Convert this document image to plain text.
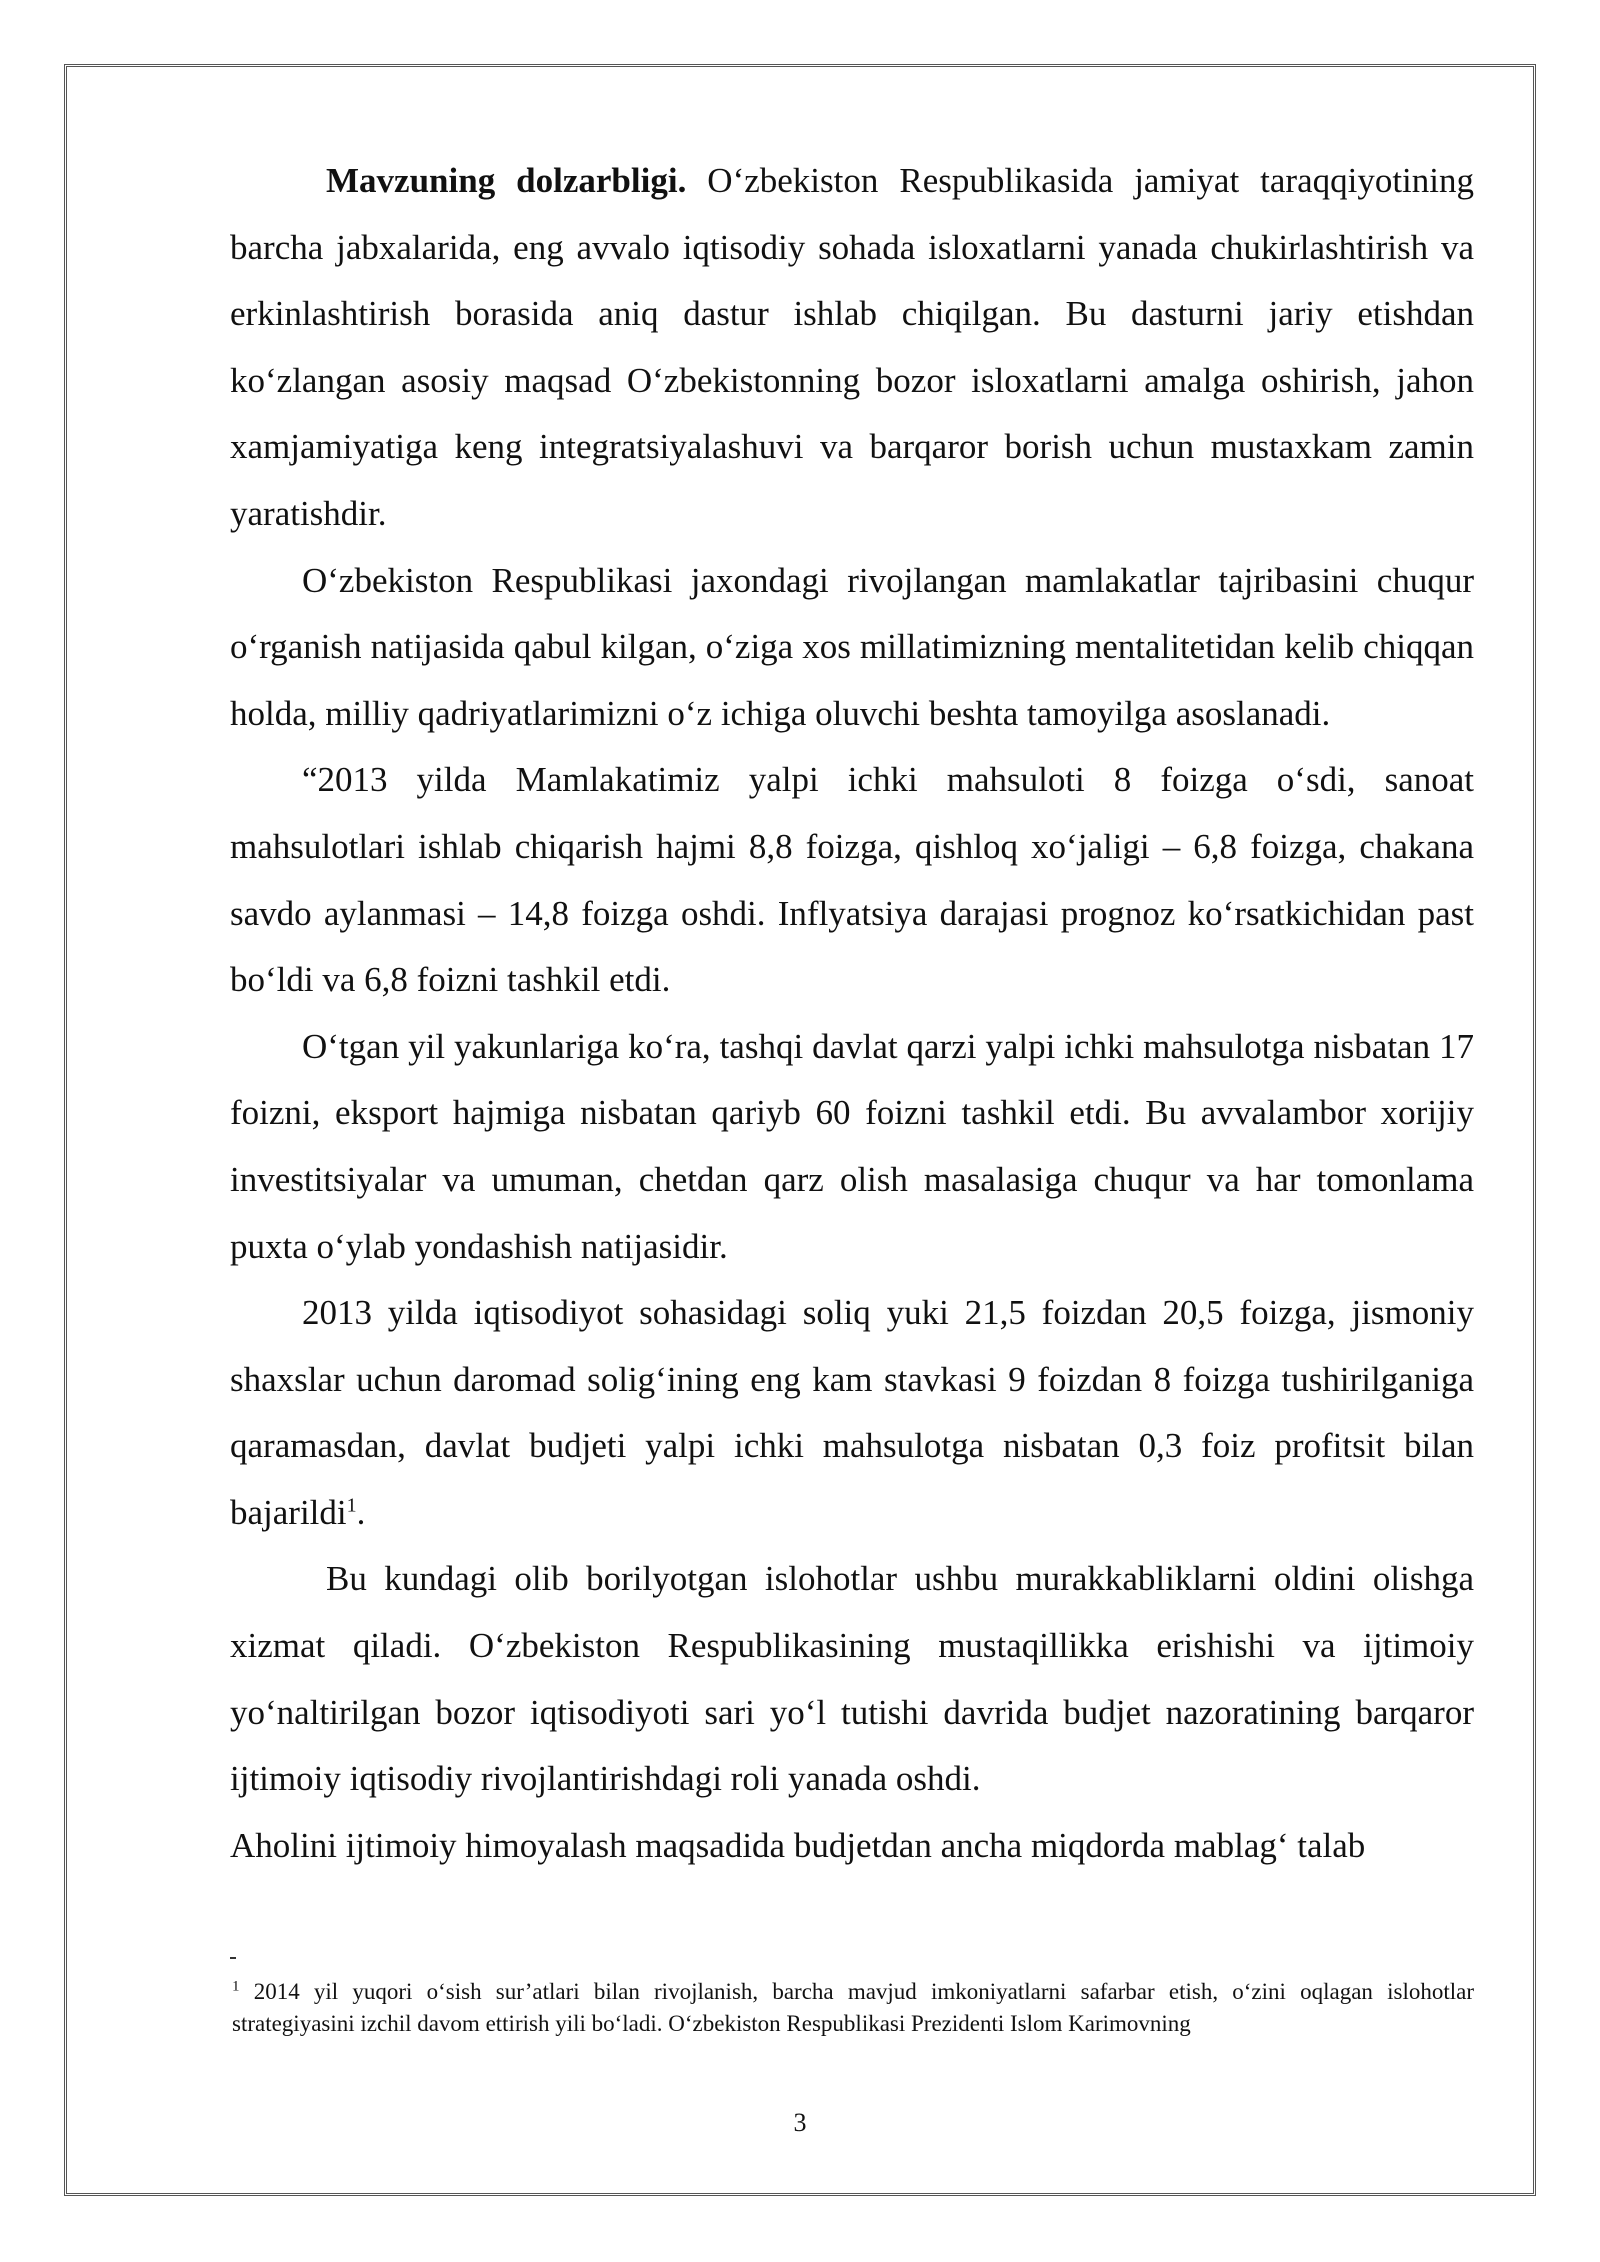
Mavzuning dolzarbligi. O‘zbekiston Respublikasida jamiyat taraqqiyotining barcha jabxalarida, eng avvalo iqtisodiy sohada isloxatlarni yanada chukirlashtirish va erkinlashtirish borasida aniq dastur ishlab chiqilgan. Bu dasturni jariy etishdan ko‘zlangan asosiy maqsad O‘zbekistonning bozor isloxatlarni amalga oshirish, jahon xamjamiyatiga keng integratsiyalashuvi va barqaror borish uchun mustaxkam zamin yaratishdir.

O‘zbekiston Respublikasi jaxondagi rivojlangan mamlakatlar tajribasini chuqur o‘rganish natijasida qabul kilgan, o‘ziga xos millatimizning mentalitetidan kelib chiqqan holda, milliy qadriyatlarimizni o‘z ichiga oluvchi beshta tamoyilga asoslanadi.

“2013 yilda Mamlakatimiz yalpi ichki mahsuloti 8 foizga o‘sdi, sanoat mahsulotlari ishlab chiqarish hajmi 8,8 foizga, qishloq xo‘jaligi – 6,8 foizga, chakana savdo aylanmasi – 14,8 foizga oshdi. Inflyatsiya darajasi prognoz ko‘rsatkichidan past bo‘ldi va 6,8 foizni tashkil etdi.

O‘tgan yil yakunlariga ko‘ra, tashqi davlat qarzi yalpi ichki mahsulotga nisbatan 17 foizni, eksport hajmiga nisbatan qariyb 60 foizni tashkil etdi. Bu avvalambor xorijiy investitsiyalar va umuman, chetdan qarz olish masalasiga chuqur va har tomonlama puxta o‘ylab yondashish natijasidir.

2013 yilda iqtisodiyot sohasidagi soliq yuki 21,5 foizdan 20,5 foizga, jismoniy shaxslar uchun daromad solig‘ining eng kam stavkasi 9 foizdan 8 foizga tushirilganiga qaramasdan, davlat budjeti yalpi ichki mahsulotga nisbatan 0,3 foiz profitsit bilan bajarildi$^1$.

Bu kundagi olib borilyotgan islohotlar ushbu murakkabliklarni oldini olishga xizmat qiladi. O‘zbekiston Respublikasining mustaqillikka erishishi va ijtimoiy yo‘naltirilgan bozor iqtisodiyoti sari yo‘l tutishi davrida budjet nazoratining barqaror ijtimoiy iqtisodiy rivojlantirishdagi roli yanada oshdi.

Aholini ijtimoiy himoyalash maqsadida budjetdan ancha miqdorda mablag‘ talab

$^1$ 2014 yil yuqori o‘sish sur’atlari bilan rivojlanish, barcha mavjud imkoniyatlarni safarbar etish, o‘zini oqlagan islohotlar strategiyasini izchil davom ettirish yili bo‘ladi. O‘zbekiston Respublikasi Prezidenti Islom Karimovning
3
